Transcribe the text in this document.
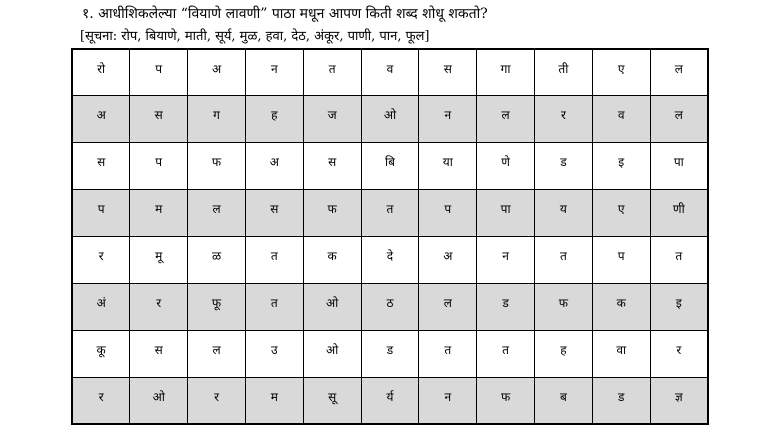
१. आधीशिकलेल्या “वियाणे लावणी” पाठा मधून आपण किती शब्द शोधू शकतो?
[सूचना: रोप, बियाणे, माती, सूर्य, मुळ, हवा, देठ, अंकूर, पाणी, पान, फूल]
रो	प	अ	न	त	व	स	गा	ती	ए	ल
अ	स	ग	ह	ज	ओ	न	ल	र	व	ल
स	प	फ	अ	स	बि	या	णे	ड	इ	पा
प	म	ल	स	फ	त	प	पा	य	ए	णी
र	मू	ळ	त	क	दे	अ	न	त	प	त
अं	र	फू	त	ओ	ठ	ल	ड	फ	क	इ
कू	स	ल	उ	ओ	ड	त	त	ह	वा	र
र	ओ	र	म	सू	र्य	न	फ	ब	ड	ज्ञ
